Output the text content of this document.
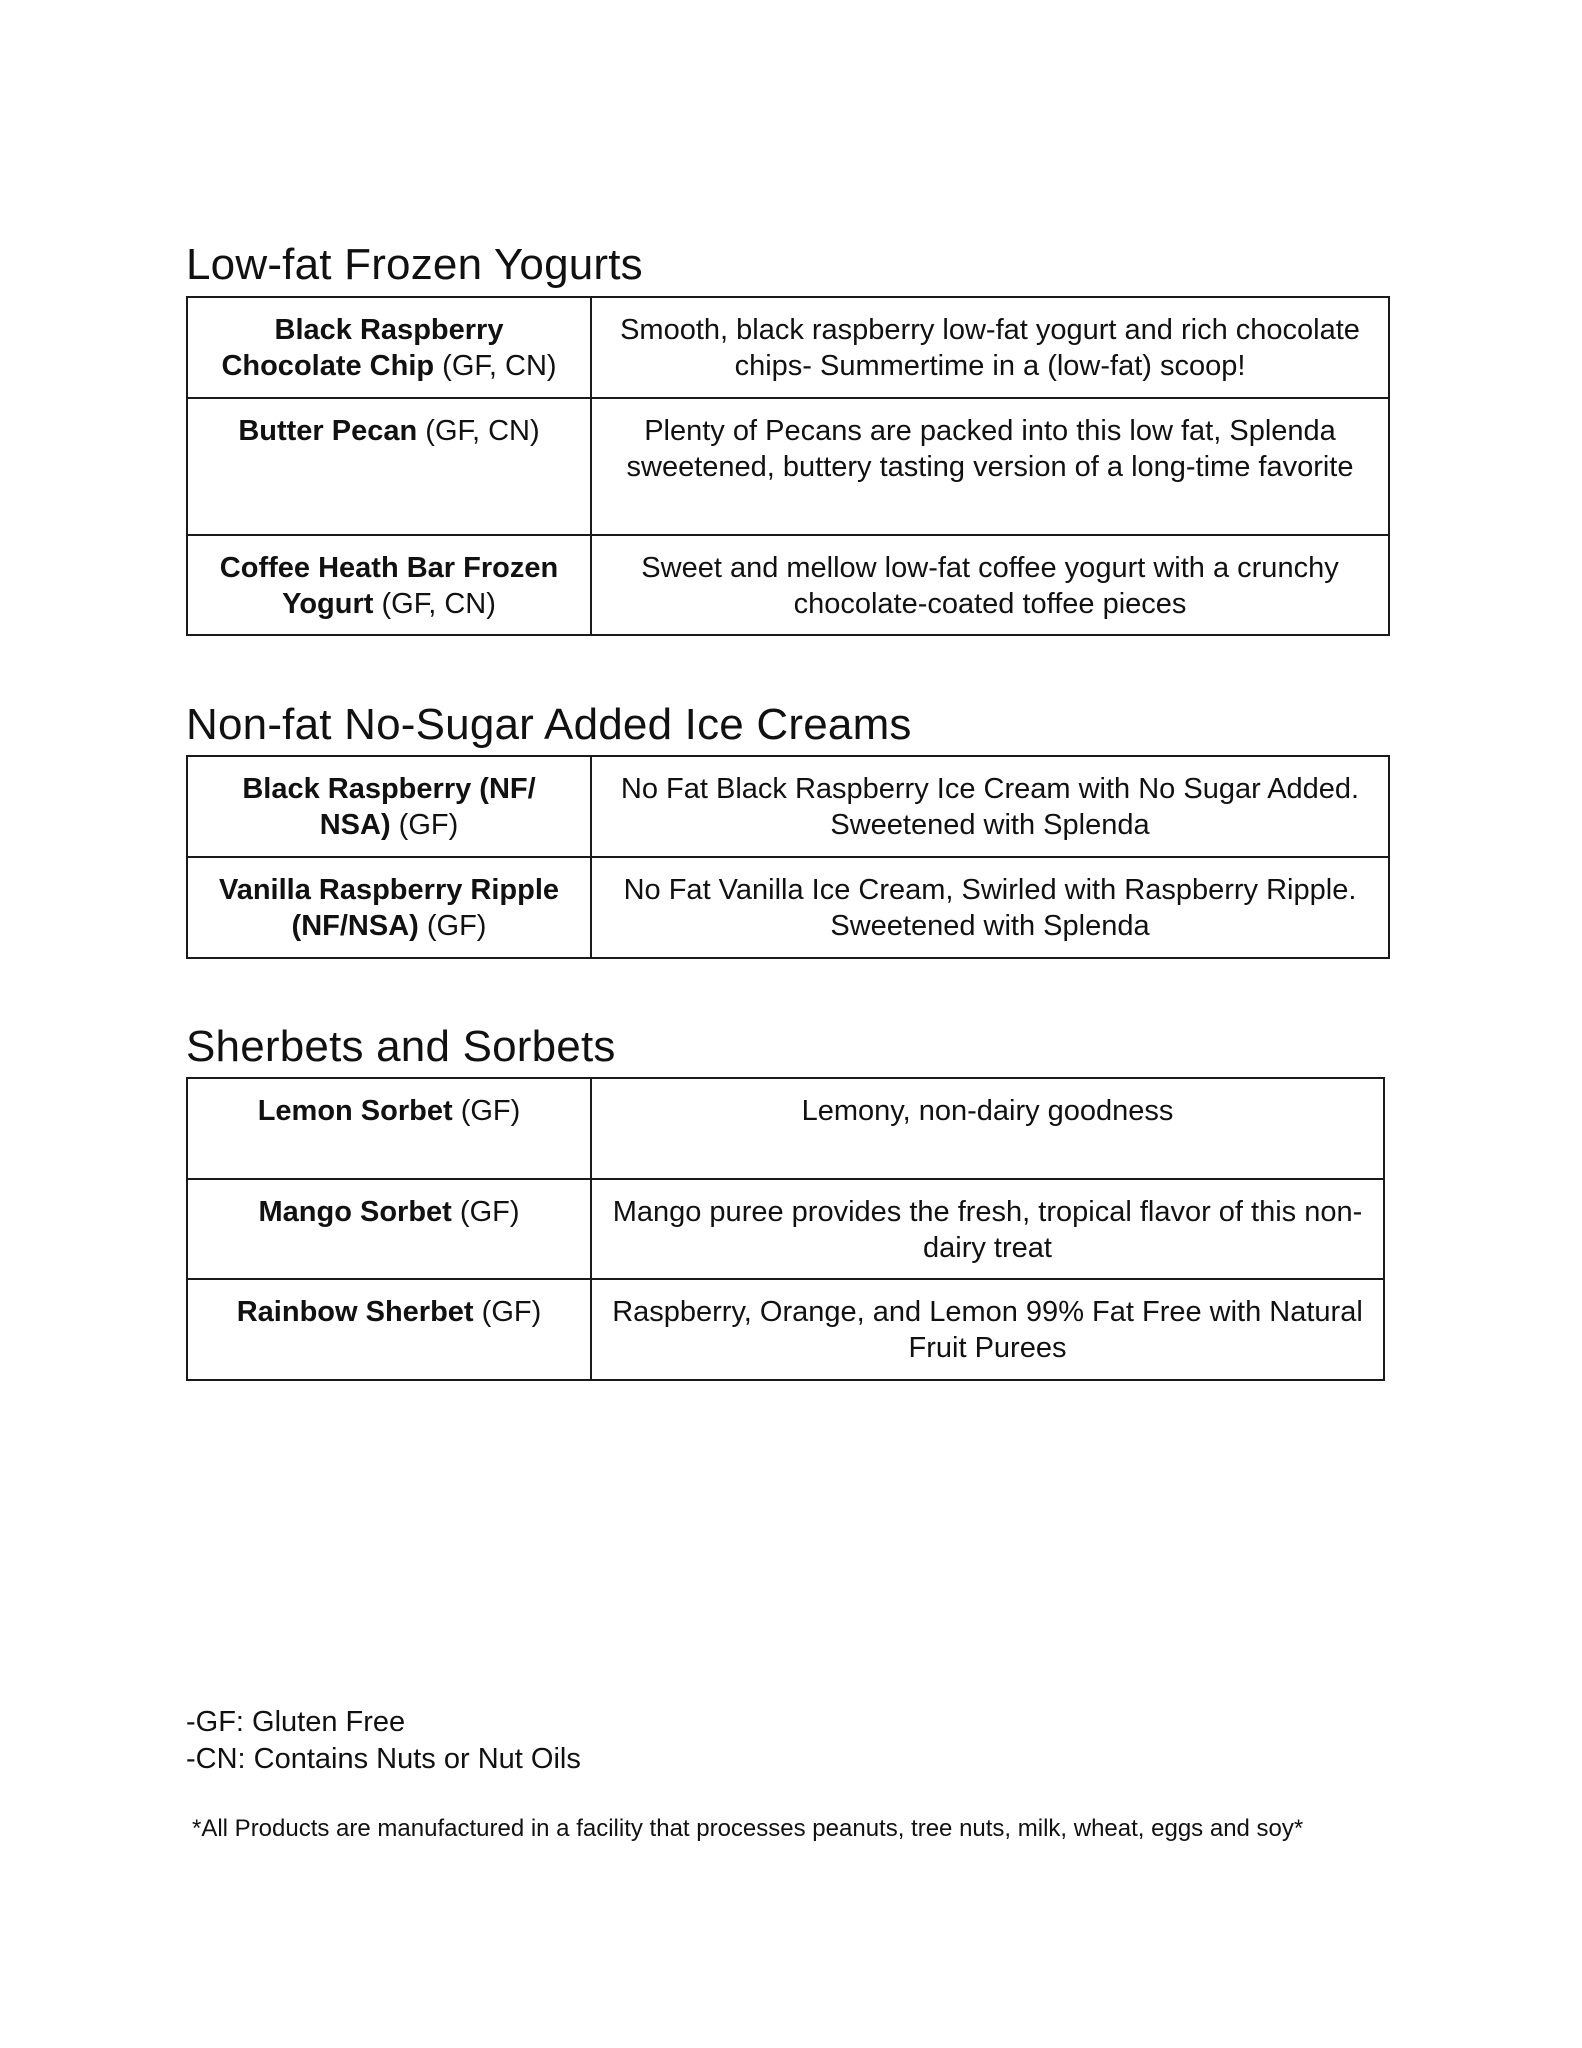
Low-fat Frozen Yogurts
Black Raspberry Chocolate Chip (GF, CN)	Smooth, black raspberry low-fat yogurt and rich chocolate chips- Summertime in a (low-fat) scoop!
Butter Pecan (GF, CN)	Plenty of Pecans are packed into this low fat, Splenda sweetened, buttery tasting version of a long-time favorite
Coffee Heath Bar Frozen Yogurt (GF, CN)	Sweet and mellow low-fat coffee yogurt with a crunchy chocolate-coated toffee pieces
Non-fat No-Sugar Added Ice Creams
Black Raspberry (NF/ NSA) (GF)	No Fat Black Raspberry Ice Cream with No Sugar Added. Sweetened with Splenda
Vanilla Raspberry Ripple (NF/NSA) (GF)	No Fat Vanilla Ice Cream, Swirled with Raspberry Ripple. Sweetened with Splenda
Sherbets and Sorbets
Lemon Sorbet (GF)	Lemony, non-dairy goodness
Mango Sorbet (GF)	Mango puree provides the fresh, tropical flavor of this non-dairy treat
Rainbow Sherbet (GF)	Raspberry, Orange, and Lemon 99% Fat Free with Natural Fruit Purees
-GF: Gluten Free
-CN: Contains Nuts or Nut Oils
*All Products are manufactured in a facility that processes peanuts, tree nuts, milk, wheat, eggs and soy*
